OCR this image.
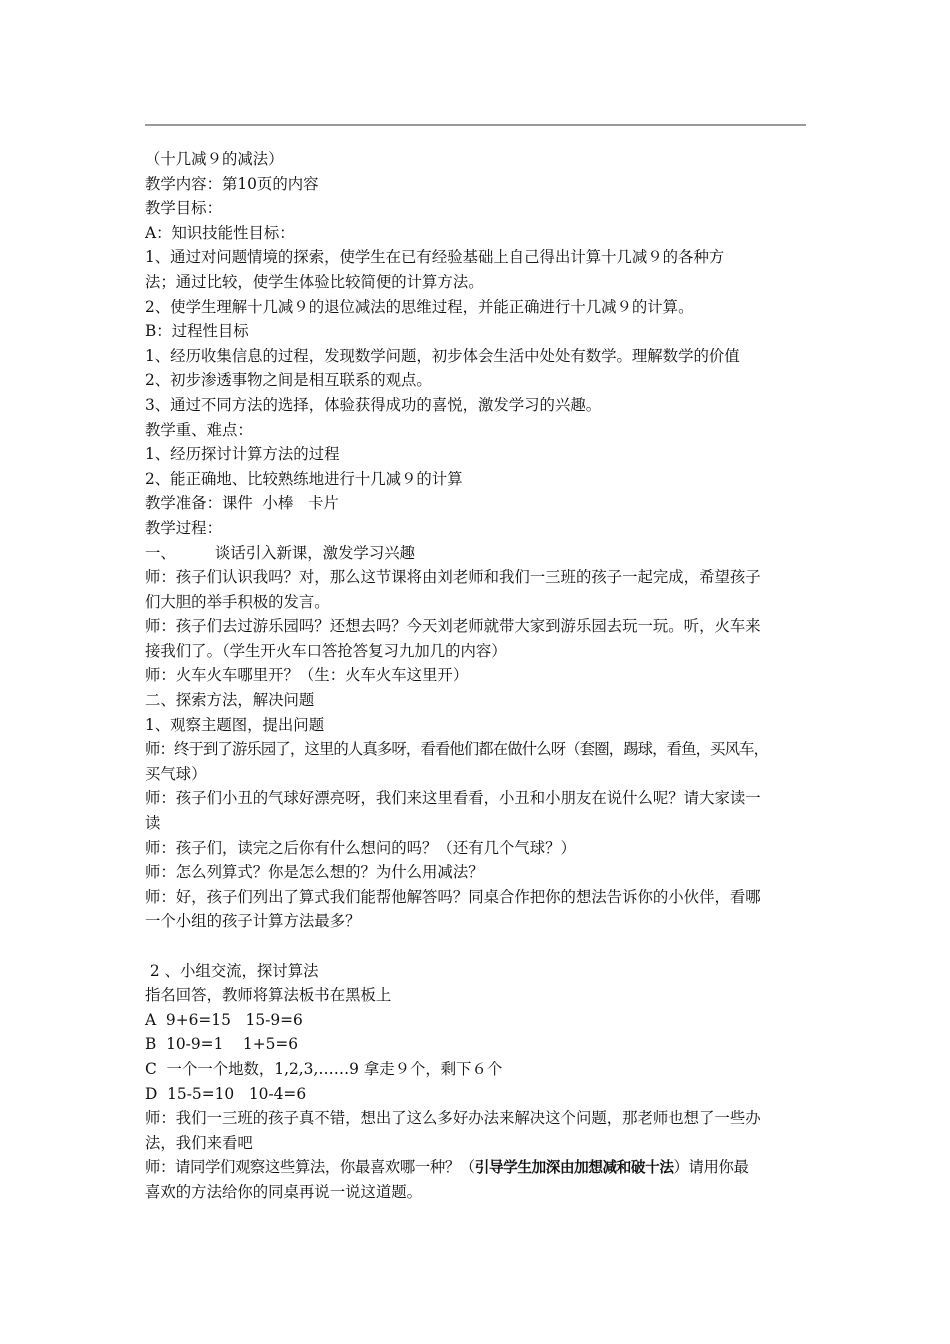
（十几减９的减法）
教学内容：第10页的内容
教学目标：
A：知识技能性目标：
1、通过对问题情境的探索，使学生在已有经验基础上自己得出计算十几减９的各种方
法；通过比较，使学生体验比较简便的计算方法。
2、使学生理解十几减９的退位减法的思维过程，并能正确进行十几减９的计算。
B：过程性目标
1、经历收集信息的过程，发现数学问题，初步体会生活中处处有数学。理解数学的价值
2、初步渗透事物之间是相互联系的观点。
3、通过不同方法的选择，体验获得成功的喜悦，激发学习的兴趣。
教学重、难点：
1、经历探讨计算方法的过程
2、能正确地、比较熟练地进行十几减９的计算
教学准备：课件  小棒   卡片
教学过程：
一、        谈话引入新课，激发学习兴趣
师：孩子们认识我吗？对，那么这节课将由刘老师和我们一三班的孩子一起完成，希望孩子
们大胆的举手积极的发言。
师：孩子们去过游乐园吗？还想去吗？今天刘老师就带大家到游乐园去玩一玩。听，火车来
接我们了。（学生开火车口答抢答复习九加几的内容）
师：火车火车哪里开？（生：火车火车这里开）
二、探索方法，解决问题
1、观察主题图，提出问题
师：终于到了游乐园了，这里的人真多呀，看看他们都在做什么呀（套圈，踢球，看鱼，买风车，
买气球）
师：孩子们小丑的气球好漂亮呀，我们来这里看看，小丑和小朋友在说什么呢？请大家读一
读
师：孩子们，读完之后你有什么想问的吗？（还有几个气球？）
师：怎么列算式？你是怎么想的？为什么用减法？
师：好，孩子们列出了算式我们能帮他解答吗？同桌合作把你的想法告诉你的小伙伴，看哪
一个小组的孩子计算方法最多？
2 、小组交流，探讨算法
指名回答，教师将算法板书在黑板上
A  9+6=15   15-9=6
B  10-9=1    1+5=6
C  一个一个地数，1,2,3,……9 拿走９个，剩下６个
D  15-5=10   10-4=6
师：我们一三班的孩子真不错，想出了这么多好办法来解决这个问题，那老师也想了一些办
法，我们来看吧
师：请同学们观察这些算法，你最喜欢哪一种？（引导学生加深由加想减和破十法）请用你最
喜欢的方法给你的同桌再说一说这道题。
